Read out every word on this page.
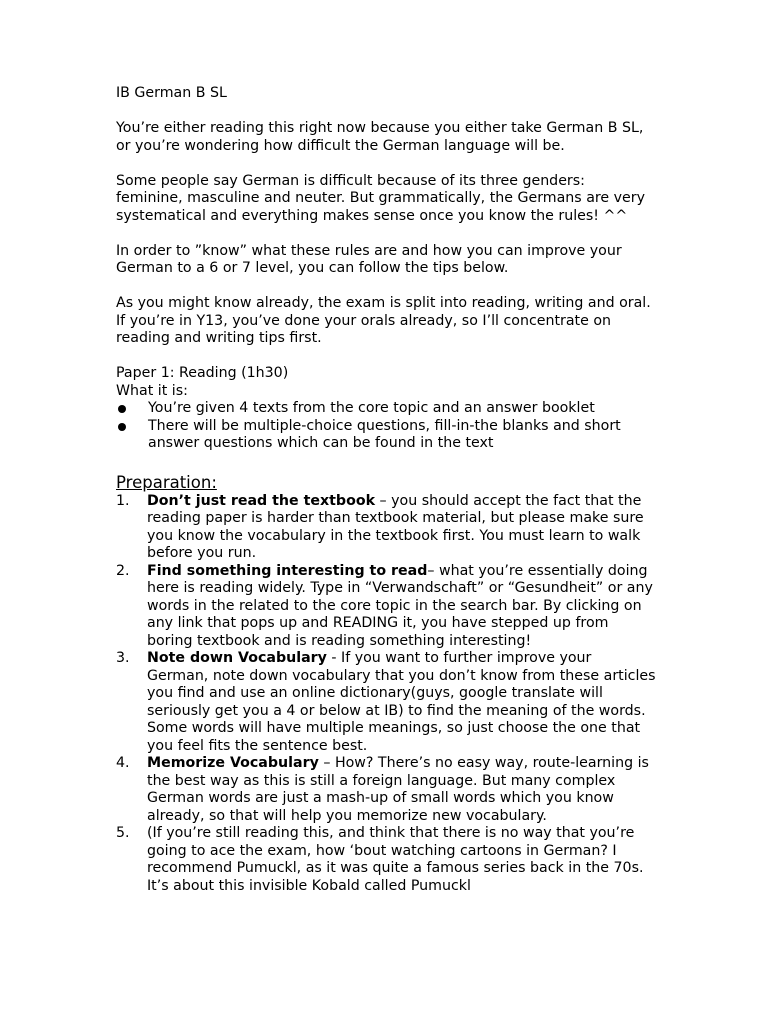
IB German B SL

You’re either reading this right now because you either take German B SL, or you’re wondering how difficult the German language will be.

Some people say German is difficult because of its three genders: feminine, masculine and neuter. But grammatically, the Germans are very systematical and everything makes sense once you know the rules! ^^

In order to ”know” what these rules are and how you can improve your German to a 6 or 7 level, you can follow the tips below.

As you might know already, the exam is split into reading, writing and oral. If you’re in Y13, you’ve done your orals already, so I’ll concentrate on reading and writing tips first.

Paper 1: Reading (1h30)

What it is:

You’re given 4 texts from the core topic and an answer booklet
There will be multiple-choice questions, fill-in-the blanks and short answer questions which can be found in the text

Preparation:

1. Don’t just read the textbook – you should accept the fact that the reading paper is harder than textbook material, but please make sure you know the vocabulary in the textbook first. You must learn to walk before you run.
2. Find something interesting to read– what you’re essentially doing here is reading widely. Type in “Verwandschaft” or “Gesundheit” or any words in the related to the core topic in the search bar. By clicking on any link that pops up and READING it, you have stepped up from boring textbook and is reading something interesting!
3. Note down Vocabulary - If you want to further improve your German, note down vocabulary that you don’t know from these articles you find and use an online dictionary(guys, google translate will seriously get you a 4 or below at IB) to find the meaning of the words. Some words will have multiple meanings, so just choose the one that you feel fits the sentence best.
4. Memorize Vocabulary – How? There’s no easy way, route-learning is the best way as this is still a foreign language. But many complex German words are just a mash-up of small words which you know already, so that will help you memorize new vocabulary.
5. (If you’re still reading this, and think that there is no way that you’re going to ace the exam, how ‘bout watching cartoons in German? I recommend Pumuckl, as it was quite a famous series back in the 70s. It’s about this invisible Kobald called Pumuckl
